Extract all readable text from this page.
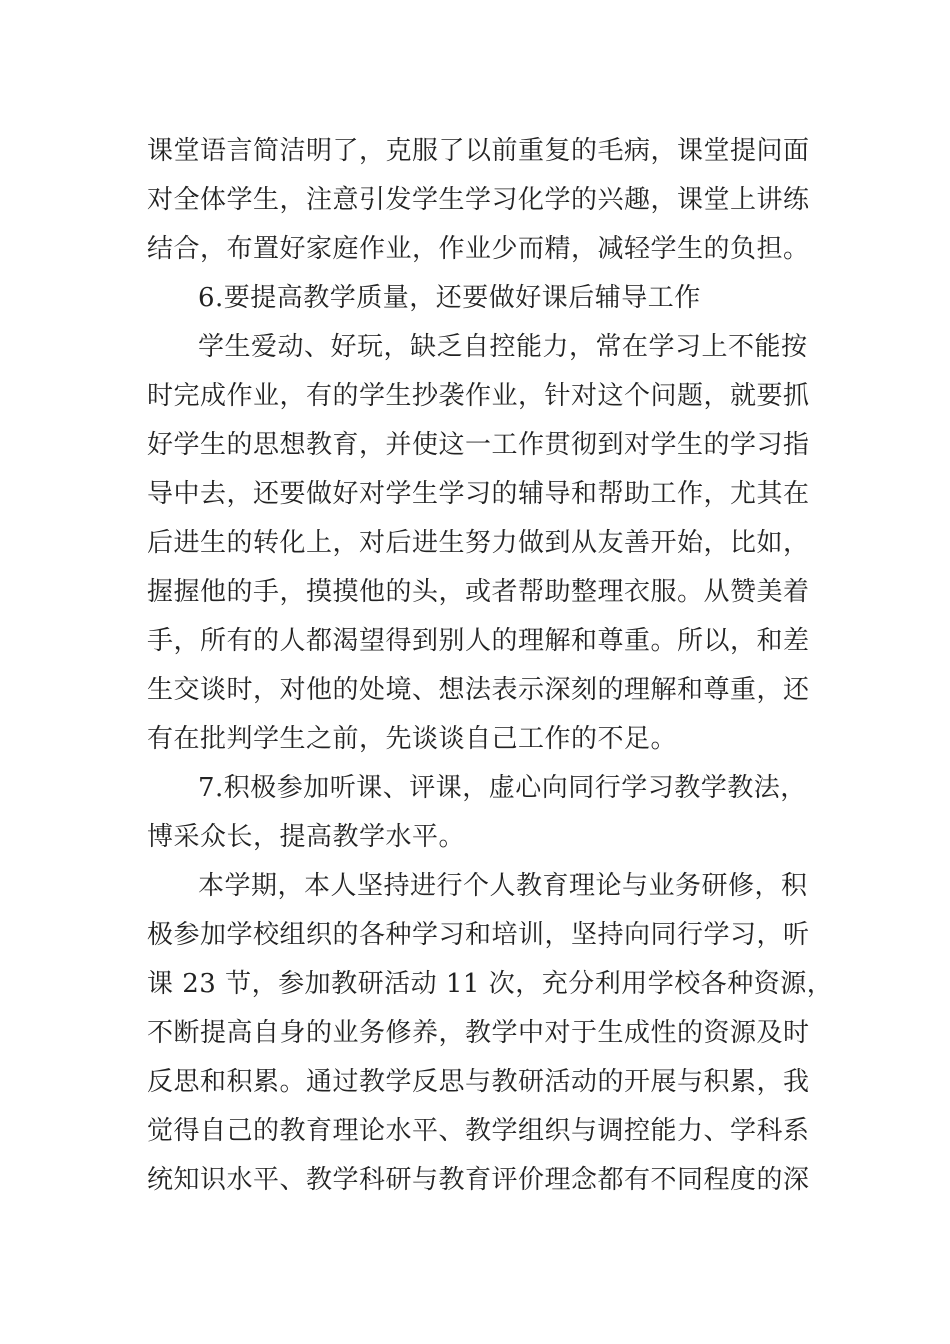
课堂语言简洁明了，克服了以前重复的毛病，课堂提问面
对全体学生，注意引发学生学习化学的兴趣，课堂上讲练
结合，布置好家庭作业，作业少而精，减轻学生的负担。
6.要提高教学质量，还要做好课后辅导工作
学生爱动、好玩，缺乏自控能力，常在学习上不能按
时完成作业，有的学生抄袭作业，针对这个问题，就要抓
好学生的思想教育，并使这一工作贯彻到对学生的学习指
导中去，还要做好对学生学习的辅导和帮助工作，尤其在
后进生的转化上，对后进生努力做到从友善开始，比如，
握握他的手，摸摸他的头，或者帮助整理衣服。从赞美着
手，所有的人都渴望得到别人的理解和尊重。所以，和差
生交谈时，对他的处境、想法表示深刻的理解和尊重，还
有在批判学生之前，先谈谈自己工作的不足。
7.积极参加听课、评课，虚心向同行学习教学教法，
博采众长，提高教学水平。
本学期，本人坚持进行个人教育理论与业务研修，积
极参加学校组织的各种学习和培训，坚持向同行学习，听
课 23 节，参加教研活动 11 次，充分利用学校各种资源，
不断提高自身的业务修养，教学中对于生成性的资源及时
反思和积累。通过教学反思与教研活动的开展与积累，我
觉得自己的教育理论水平、教学组织与调控能力、学科系
统知识水平、教学科研与教育评价理念都有不同程度的深
